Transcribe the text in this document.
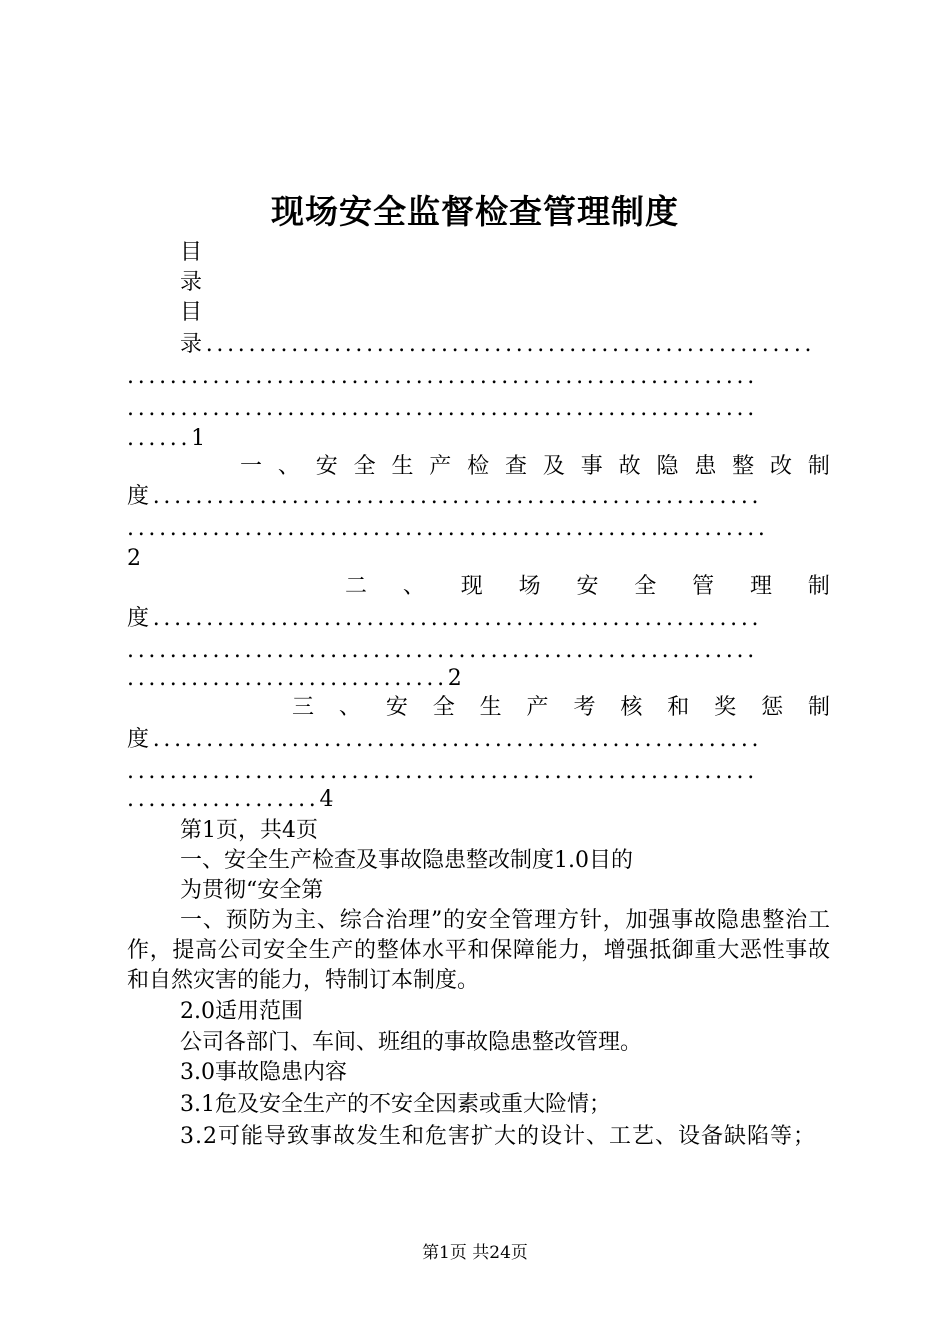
现场安全监督检查管理制度
目
录
目
录.........................................................
...........................................................
...........................................................
......1
一 、 安 全 生 产 检 查 及 事 故 隐 患 整 改 制
度.........................................................
............................................................
2
二 、 现 场 安 全 管 理 制
度.........................................................
...........................................................
..............................2
三 、 安 全 生 产 考 核 和 奖 惩 制
度.........................................................
...........................................................
..................4
第1页，共4页
一、安全生产检查及事故隐患整改制度1.0目的
为贯彻“安全第
一、预防为主、综合治理”的安全管理方针，加强事故隐患整治工作，提高公司安全生产的整体水平和保障能力，增强抵御重大恶性事故和自然灾害的能力，特制订本制度。
2.0适用范围
公司各部门、车间、班组的事故隐患整改管理。
3.0事故隐患内容
3.1危及安全生产的不安全因素或重大险情；
3.2可能导致事故发生和危害扩大的设计、工艺、设备缺陷等；
第1页 共24页
